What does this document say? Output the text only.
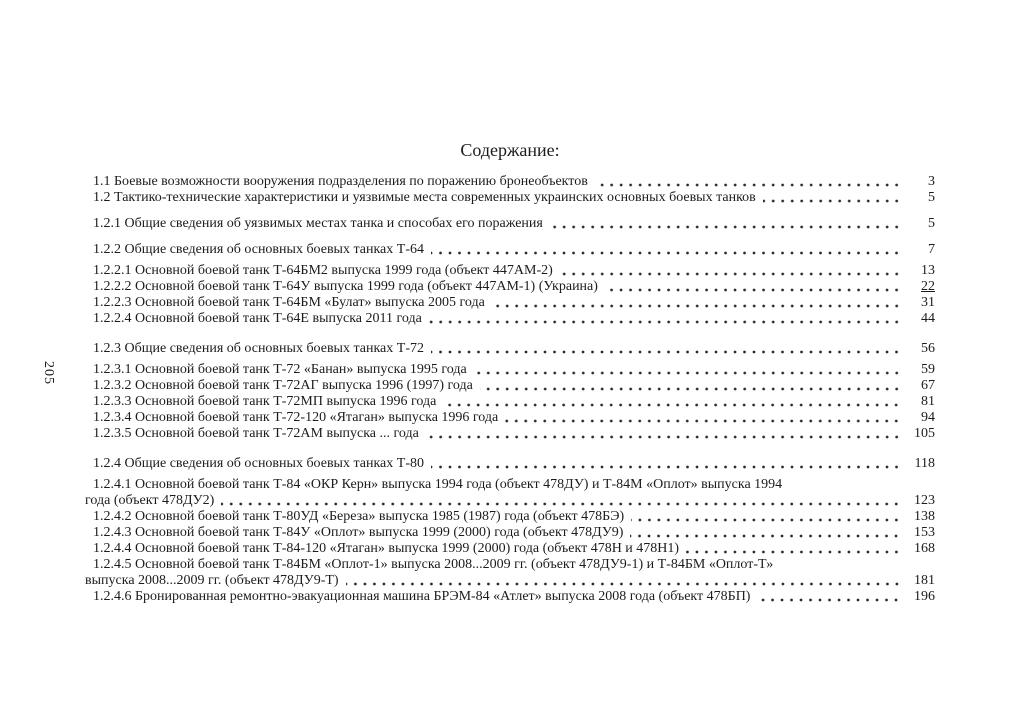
205
Содержание:
1.1 Боевые возможности вооружения подразделения по поражению бронеобъектов	3
1.2 Тактико-технические характеристики и уязвимые места современных украинских основных боевых танков	5
1.2.1 Общие сведения об уязвимых местах танка и способах его поражения	5
1.2.2 Общие сведения об основных боевых танках Т-64	7
1.2.2.1 Основной боевой танк Т-64БМ2 выпуска 1999 года (объект 447АМ-2)	13
1.2.2.2 Основной боевой танк Т-64У выпуска 1999 года (объект 447АМ-1) (Украина)	22
1.2.2.3 Основной боевой танк Т-64БМ «Булат» выпуска 2005 года	31
1.2.2.4 Основной боевой танк Т-64Е выпуска 2011 года	44
1.2.3 Общие сведения об основных боевых танках Т-72	56
1.2.3.1 Основной боевой танк Т-72 «Банан» выпуска 1995 года	59
1.2.3.2 Основной боевой танк Т-72АГ выпуска 1996 (1997) года	67
1.2.3.3 Основной боевой танк Т-72МП выпуска 1996 года	81
1.2.3.4 Основной боевой танк Т-72-120 «Ятаган» выпуска 1996 года	94
1.2.3.5 Основной боевой танк Т-72АМ выпуска ... года	105
1.2.4 Общие сведения об основных боевых танках Т-80	118
1.2.4.1 Основной боевой танк Т-84 «ОКР Керн» выпуска 1994 года (объект 478ДУ) и Т-84М «Оплот» выпуска 1994
года (объект 478ДУ2)	123
1.2.4.2 Основной боевой танк Т-80УД «Береза» выпуска 1985 (1987) года (объект 478БЭ)	138
1.2.4.3 Основной боевой танк Т-84У «Оплот» выпуска 1999 (2000) года (объект 478ДУ9)	153
1.2.4.4 Основной боевой танк Т-84-120 «Ятаган» выпуска 1999 (2000) года (объект 478Н и 478Н1)	168
1.2.4.5 Основной боевой танк Т-84БМ «Оплот-1» выпуска 2008...2009 гг. (объект 478ДУ9-1) и Т-84БМ «Оплот-Т»
выпуска 2008...2009 гг. (объект 478ДУ9-Т)	181
1.2.4.6 Бронированная ремонтно-эвакуационная машина БРЭМ-84 «Атлет» выпуска 2008 года (объект 478БП)	196
